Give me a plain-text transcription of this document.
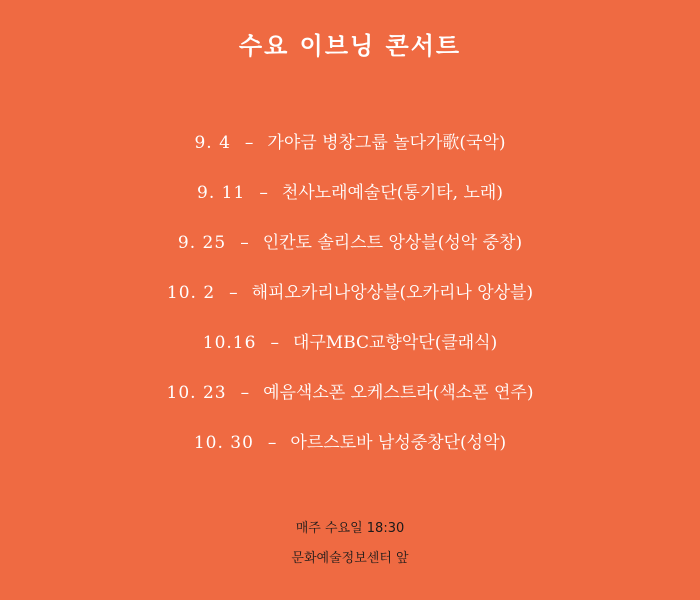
수요 이브닝 콘서트
9. 4 – 가야금 병창그룹 놀다가歌(국악)
9. 11 – 천사노래예술단(통기타, 노래)
9. 25 – 인칸토 솔리스트 앙상블(성악 중창)
10. 2 – 해피오카리나앙상블(오카리나 앙상블)
10.16 – 대구MBC교향악단(클래식)
10. 23 – 예음색소폰 오케스트라(색소폰 연주)
10. 30 – 아르스토바 남성중창단(성악)
매주 수요일 18:30
문화예술정보센터 앞
